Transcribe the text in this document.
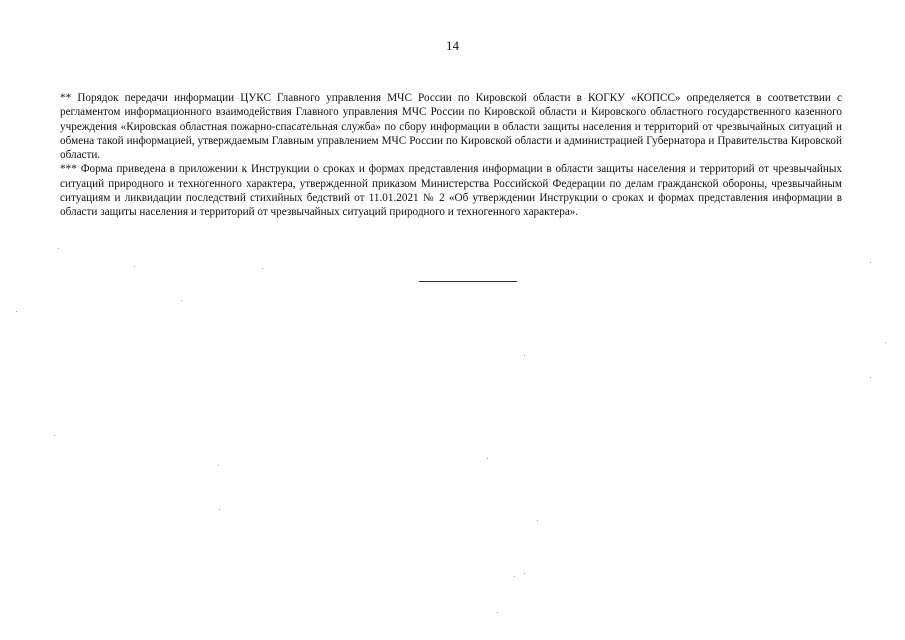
14

** Порядок передачи информации ЦУКС Главного управления МЧС России по Кировской области в КОГКУ «КОПСС» определяется в соответствии с регламентом информационного взаимодействия Главного управления МЧС России по Кировской области и Кировского областного государственного казенного учреждения «Кировская областная пожарно-спасательная служба» по сбору информации в области защиты населения и территорий от чрезвычайных ситуаций и обмена такой информацией, утверждаемым Главным управлением МЧС России по Кировской области и администрацией Губернатора и Правительства Кировской области.

*** Форма приведена в приложении к Инструкции о сроках и формах представления информации в области защиты населения и территорий от чрезвычайных ситуаций природного и техногенного характера, утвержденной приказом Министерства Российской Федерации по делам гражданской обороны, чрезвычайным ситуациям и ликвидации последствий стихийных бедствий от 11.01.2021 № 2 «Об утверждении Инструкции о сроках и формах представления информации в области защиты населения и территорий от чрезвычайных ситуаций природного и техногенного характера».
